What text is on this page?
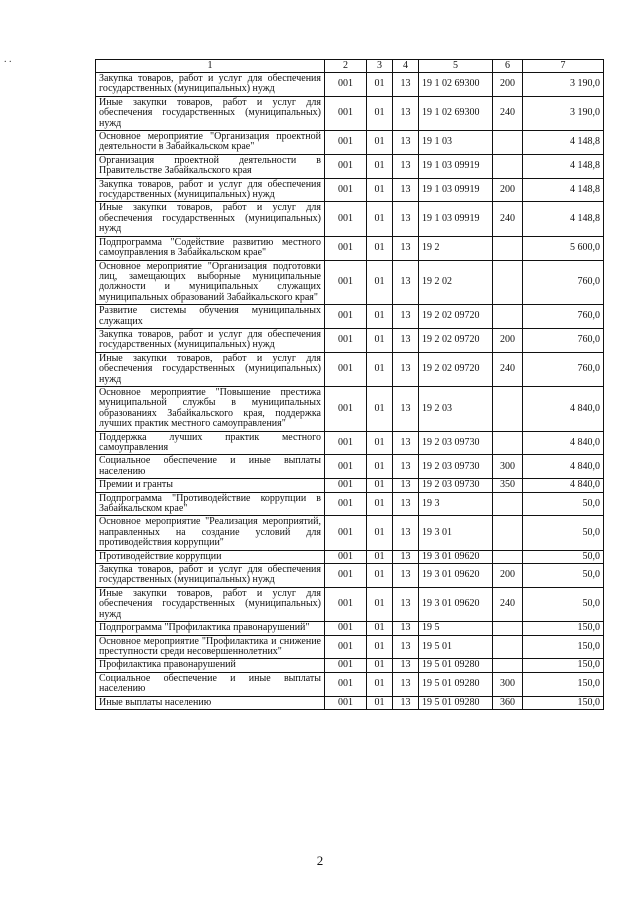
. .
1	2	3	4	5	6	7
Закупка товаров, работ и услуг для обеспечения государственных (муниципальных) нужд	001	01	13	19 1 02 69300	200	3 190,0
Иные закупки товаров, работ и услуг для обеспечения государственных (муниципальных) нужд	001	01	13	19 1 02 69300	240	3 190,0
Основное мероприятие "Организация проектной деятельности в Забайкальском крае"	001	01	13	19 1 03		4 148,8
Организация проектной деятельности в Правительстве Забайкальского края	001	01	13	19 1 03 09919		4 148,8
Закупка товаров, работ и услуг для обеспечения государственных (муниципальных) нужд	001	01	13	19 1 03 09919	200	4 148,8
Иные закупки товаров, работ и услуг для обеспечения государственных (муниципальных) нужд	001	01	13	19 1 03 09919	240	4 148,8
Подпрограмма "Содействие развитию местного самоуправления в Забайкальском крае"	001	01	13	19 2		5 600,0
Основное мероприятие "Организация подготовки лиц, замещающих выборные муниципальные должности и муниципальных служащих муниципальных образований Забайкальского края"	001	01	13	19 2 02		760,0
Развитие системы обучения муниципальных служащих	001	01	13	19 2 02 09720		760,0
Закупка товаров, работ и услуг для обеспечения государственных (муниципальных) нужд	001	01	13	19 2 02 09720	200	760,0
Иные закупки товаров, работ и услуг для обеспечения государственных (муниципальных) нужд	001	01	13	19 2 02 09720	240	760,0
Основное мероприятие "Повышение престижа муниципальной службы в муниципальных образованиях Забайкальского края, поддержка лучших практик местного самоуправления"	001	01	13	19 2 03		4 840,0
Поддержка лучших практик местного самоуправления	001	01	13	19 2 03 09730		4 840,0
Социальное обеспечение и иные выплаты населению	001	01	13	19 2 03 09730	300	4 840,0
Премии и гранты	001	01	13	19 2 03 09730	350	4 840,0
Подпрограмма "Противодействие коррупции в Забайкальском крае"	001	01	13	19 3		50,0
Основное мероприятие "Реализация мероприятий, направленных на создание условий для противодействия коррупции"	001	01	13	19 3 01		50,0
Противодействие коррупции	001	01	13	19 3 01 09620		50,0
Закупка товаров, работ и услуг для обеспечения государственных (муниципальных) нужд	001	01	13	19 3 01 09620	200	50,0
Иные закупки товаров, работ и услуг для обеспечения государственных (муниципальных) нужд	001	01	13	19 3 01 09620	240	50,0
Подпрограмма "Профилактика правонарушений"	001	01	13	19 5		150,0
Основное мероприятие "Профилактика и снижение преступности среди несовершеннолетних"	001	01	13	19 5 01		150,0
Профилактика правонарушений	001	01	13	19 5 01 09280		150,0
Социальное обеспечение и иные выплаты населению	001	01	13	19 5 01 09280	300	150,0
Иные выплаты населению	001	01	13	19 5 01 09280	360	150,0
2
